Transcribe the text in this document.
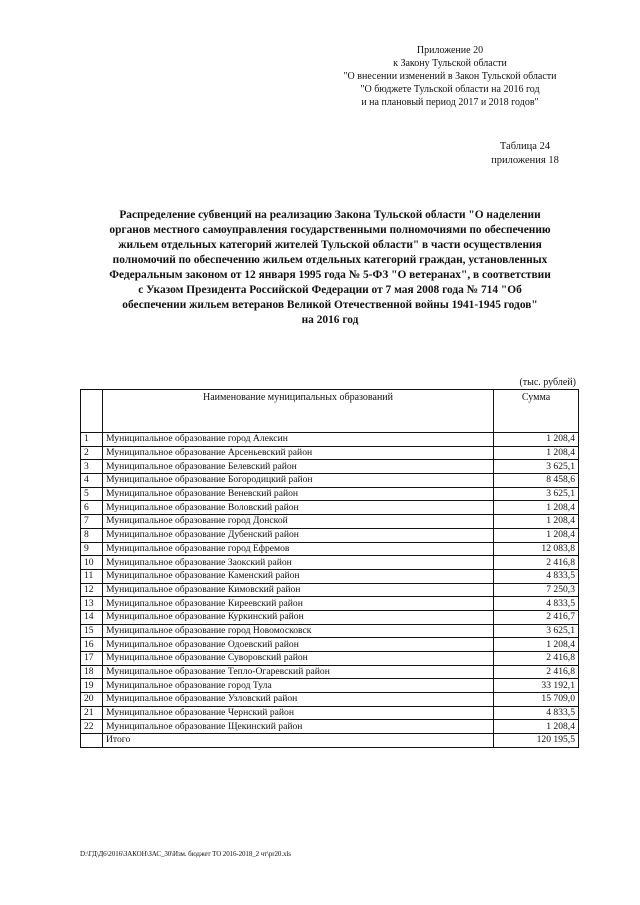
Приложение 20
к Закону Тульской области
"О внесении изменений в Закон Тульской области
"О бюджете Тульской области на 2016 год
и на плановый период 2017 и 2018 годов"
Таблица 24
приложения 18
Распределение субвенций на реализацию Закона Тульской области "О наделении
органов местного самоуправления государственными полномочиями по обеспечению
жильем отдельных категорий жителей Тульской области" в части осуществления
полномочий по обеспечению жильем отдельных категорий граждан, установленных
Федеральным законом от 12 января 1995 года № 5-ФЗ "О ветеранах", в соответствии
с Указом Президента Российской Федерации от 7 мая 2008 года № 714 "Об
обеспечении жильем ветеранов Великой Отечественной войны 1941-1945 годов"
на 2016 год
(тыс. рублей)
	Наименование муниципальных образований	Сумма
1	Муниципальное образование город Алексин	1 208,4
2	Муниципальное образование Арсеньевский район	1 208,4
3	Муниципальное образование Белевский район	3 625,1
4	Муниципальное образование Богородицкий район	8 458,6
5	Муниципальное образование Веневский район	3 625,1
6	Муниципальное образование Воловский район	1 208,4
7	Муниципальное образование город Донской	1 208,4
8	Муниципальное образование Дубенский район	1 208,4
9	Муниципальное образование город Ефремов	12 083,8
10	Муниципальное образование Заокский район	2 416,8
11	Муниципальное образование Каменский район	4 833,5
12	Муниципальное образование Кимовский район	7 250,3
13	Муниципальное образование Киреевский район	4 833,5
14	Муниципальное образование Куркинский район	2 416,7
15	Муниципальное образование город Новомосковск	3 625,1
16	Муниципальное образование Одоевский район	1 208,4
17	Муниципальное образование Суворовский район	2 416,8
18	Муниципальное образование Тепло-Огаревский район	2 416,8
19	Муниципальное образование город Тула	33 192,1
20	Муниципальное образование Узловский район	15 709,0
21	Муниципальное образование Чернский район	4 833,5
22	Муниципальное образование Щекинский район	1 208,4
	Итого	120 195,5
D:\ГД\Д6\2016\ЗАКОН\ЗАС_30\Изм. бюджет ТО 2016-2018_2 чт\pr20.xls
